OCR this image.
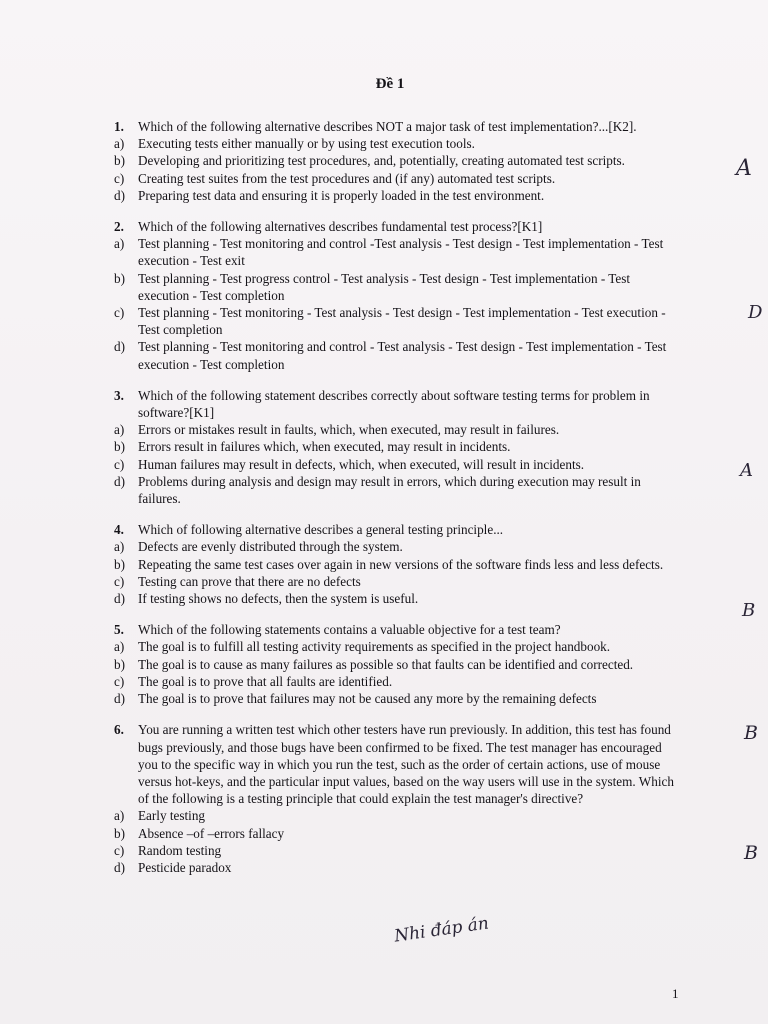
Đề 1
1.	Which of the following alternative describes NOT a major task of test implementation?...[K2].
a)	Executing tests either manually or by using test execution tools.
b) Developing and prioritizing test procedures, and, potentially, creating automated test scripts.
c)	Creating test suites from the test procedures and (if any) automated test scripts.
d) Preparing test data and ensuring it is properly loaded in the test environment.
2.	Which of the following alternatives describes fundamental test process?[K1]
a)	Test planning - Test monitoring and control -Test analysis - Test design - Test implementation - Test execution - Test exit
b) Test planning - Test progress control - Test analysis - Test design - Test implementation - Test execution - Test completion
c)	Test planning - Test monitoring - Test analysis - Test design - Test implementation - Test execution - Test completion
d) Test planning - Test monitoring and control - Test analysis - Test design - Test implementation - Test execution - Test completion
3.	Which of the following statement describes correctly about software testing terms for problem in software?[K1]
a)	Errors or mistakes result in faults, which, when executed, may result in failures.
b) Errors result in failures which, when executed, may result in incidents.
c)	Human failures may result in defects, which, when executed, will result in incidents.
d) Problems during analysis and design may result in errors, which during execution may result in failures.
4.	Which of following alternative describes a general testing principle...
a)	Defects are evenly distributed through the system.
b) Repeating the same test cases over again in new versions of the software finds less and less defects.
c)	Testing can prove that there are no defects
d) If testing shows no defects, then the system is useful.
5.	Which of the following statements contains a valuable objective for a test team?
a)	The goal is to fulfill all testing activity requirements as specified in the project handbook.
b) The goal is to cause as many failures as possible so that faults can be identified and corrected.
c)	The goal is to prove that all faults are identified.
d) The goal is to prove that failures may not be caused any more by the remaining defects
6.	You are running a written test which other testers have run previously. In addition, this test has found bugs previously, and those bugs have been confirmed to be fixed. The test manager has encouraged you to the specific way in which you run the test, such as the order of certain actions, use of mouse versus hot-keys, and the particular input values, based on the way users will use in the system. Which of the following is a testing principle that could explain the test manager's directive?
a)	Early testing
b) Absence –of –errors fallacy
c)	Random testing
d) Pesticide paradox
A
D
A
B
B
B
Nhi đáp án
1
